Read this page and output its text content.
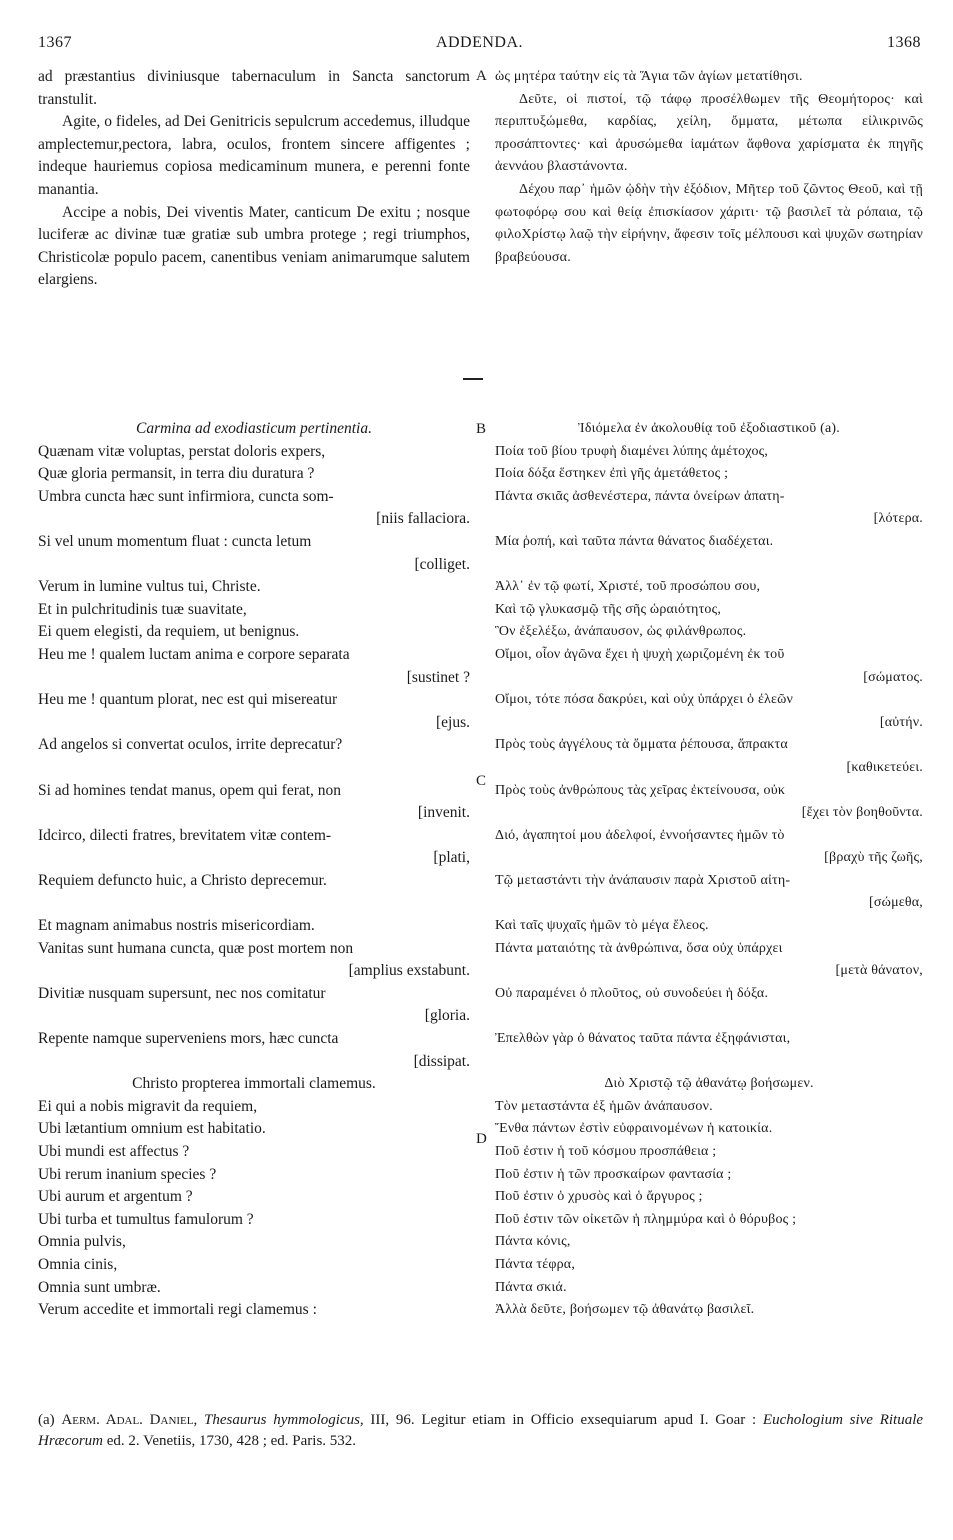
1367	ADDENDA.	1368
A
B
C
D

ad præstantius diviniusque tabernaculum in Sancta sanctorum transtulit.

Agite, o fideles, ad Dei Genitricis sepulcrum accedemus, illudque amplectemur,pectora, labra, oculos, frontem sincere affigentes ; indeque hauriemus copiosa medicaminum munera, e perenni fonte manantia.

Accipe a nobis, Dei viventis Mater, canticum De exitu ; nosque luciferæ ac divinæ tuæ gratiæ sub umbra protege ; regi triumphos, Christicolæ populo pacem, canentibus veniam animarumque salutem elargiens.

ὡς μητέρα ταύτην εἰς τὰ Ἅγια τῶν ἁγίων μετατίθησι.

Δεῦτε, οἱ πιστοί, τῷ τάφῳ προσέλθωμεν τῆς Θεομήτορος· καὶ περιπτυξώμεθα, καρδίας, χείλη, ὄμματα, μέτωπα εἰλικρινῶς προσάπτοντες· καὶ ἀρυσώμεθα ἰαμάτων ἄφθονα χαρίσματα ἐκ πηγῆς ἀεννάου βλαστάνοντα.

Δέχου παρ᾽ ἡμῶν ᾠδὴν τὴν ἐξόδιον, Μῆτερ τοῦ ζῶντος Θεοῦ, καὶ τῇ φωτοφόρῳ σου καὶ θείᾳ ἐπισκίασον χάριτι· τῷ βασιλεῖ τὰ ρόπαια, τῷ φιλοΧρίστῳ λαῷ τὴν εἰρήνην, ἄφεσιν τοῖς μέλπουσι καὶ ψυχῶν σωτηρίαν βραβεύουσα.

Carmina ad exodiasticum pertinentia.
Quænam vitæ voluptas, perstat doloris expers,
Quæ gloria permansit, in terra diu duratura ?
Umbra cuncta hæc sunt infirmiora, cuncta som-
[niis fallaciora.
Si vel unum momentum fluat : cuncta letum
[colliget.
Verum in lumine vultus tui, Christe.
Et in pulchritudinis tuæ suavitate,
Ei quem elegisti, da requiem, ut benignus.
Heu me ! qualem luctam anima e corpore separata
[sustinet ?
Heu me ! quantum plorat, nec est qui misereatur
[ejus.
Ad angelos si convertat oculos, irrite deprecatur?
Si ad homines tendat manus, opem qui ferat, non
[invenit.
Idcirco, dilecti fratres, brevitatem vitæ contem-
[plati,
Requiem defuncto huic, a Christo deprecemur.
Et magnam animabus nostris misericordiam.
Vanitas sunt humana cuncta, quæ post mortem non
[amplius exstabunt.
Divitiæ nusquam supersunt, nec nos comitatur
[gloria.
Repente namque superveniens mors, hæc cuncta
[dissipat.
Christo propterea immortali clamemus.
Ei qui a nobis migravit da requiem,
Ubi lætantium omnium est habitatio.
Ubi mundi est affectus ?
Ubi rerum inanium species ?
Ubi aurum et argentum ?
Ubi turba et tumultus famulorum ?
Omnia pulvis,
Omnia cinis,
Omnia sunt umbræ.
Verum accedite et immortali regi clamemus :
Ἰδιόμελα ἐν ἀκολουθίᾳ τοῦ ἐξοδιαστικοῦ (a).
Ποία τοῦ βίου τρυφὴ διαμένει λύπης ἀμέτοχος,
Ποία δόξα ἕστηκεν ἐπὶ γῆς ἀμετάθετος ;
Πάντα σκιᾶς ἀσθενέστερα, πάντα ὀνείρων ἀπατη-
[λότερα.
Μία ῥοπή, καὶ ταῦτα πάντα θάνατος διαδέχεται.
Ἀλλ᾽ ἐν τῷ φωτί, Χριστέ, τοῦ προσώπου σου,
Καὶ τῷ γλυκασμῷ τῆς σῆς ὡραιότητος,
Ὃν ἐξελέξω, ἀνάπαυσον, ὡς φιλάνθρωπος.
Οἴμοι, οἷον ἀγῶνα ἔχει ἡ ψυχὴ χωριζομένη ἐκ τοῦ
[σώματος.
Οἴμοι, τότε πόσα δακρύει, καὶ οὐχ ὑπάρχει ὁ ἐλεῶν
[αὐτήν.
Πρὸς τοὺς ἀγγέλους τὰ ὄμματα ῥέπουσα, ἄπρακτα
[καθικετεύει.
Πρὸς τοὺς ἀνθρώπους τὰς χεῖρας ἐκτείνουσα, οὐκ
[ἔχει τὸν βοηθοῦντα.
Διό, ἀγαπητοί μου ἀδελφοί, ἐννοήσαντες ἡμῶν τὸ
[βραχὺ τῆς ζωῆς,
Τῷ μεταστάντι τὴν ἀνάπαυσιν παρὰ Χριστοῦ αἰτη-
[σώμεθα,
Καὶ ταῖς ψυχαῖς ἡμῶν τὸ μέγα ἔλεος.
Πάντα ματαιότης τὰ ἀνθρώπινα, ὅσα οὐχ ὑπάρχει
[μετὰ θάνατον,
Οὐ παραμένει ὁ πλοῦτος, οὐ συνοδεύει ἡ δόξα.
Ἐπελθὼν γὰρ ὁ θάνατος ταῦτα πάντα ἐξηφάνισται,
Διὸ Χριστῷ τῷ ἀθανάτῳ βοήσωμεν.
Τὸν μεταστάντα ἐξ ἡμῶν ἀνάπαυσον.
Ἔνθα πάντων ἐστὶν εὐφραινομένων ἡ κατοικία.
Ποῦ ἐστιν ἡ τοῦ κόσμου προσπάθεια ;
Ποῦ ἐστιν ἡ τῶν προσκαίρων φαντασία ;
Ποῦ ἐστιν ὁ χρυσὸς καὶ ὁ ἄργυρος ;
Ποῦ ἐστιν τῶν οἰκετῶν ἡ πλημμύρα καὶ ὁ θόρυβος ;
Πάντα κόνις,
Πάντα τέφρα,
Πάντα σκιά.
Ἀλλὰ δεῦτε, βοήσωμεν τῷ ἀθανάτῳ βασιλεῖ.
(a) Aerm. Adal. Daniel, Thesaurus hymmologicus, III, 96. Legitur etiam in Officio exsequiarum apud I. Goar : Euchologium sive Rituale Hræcorum ed. 2. Venetiis, 1730, 428 ; ed. Paris. 532.
